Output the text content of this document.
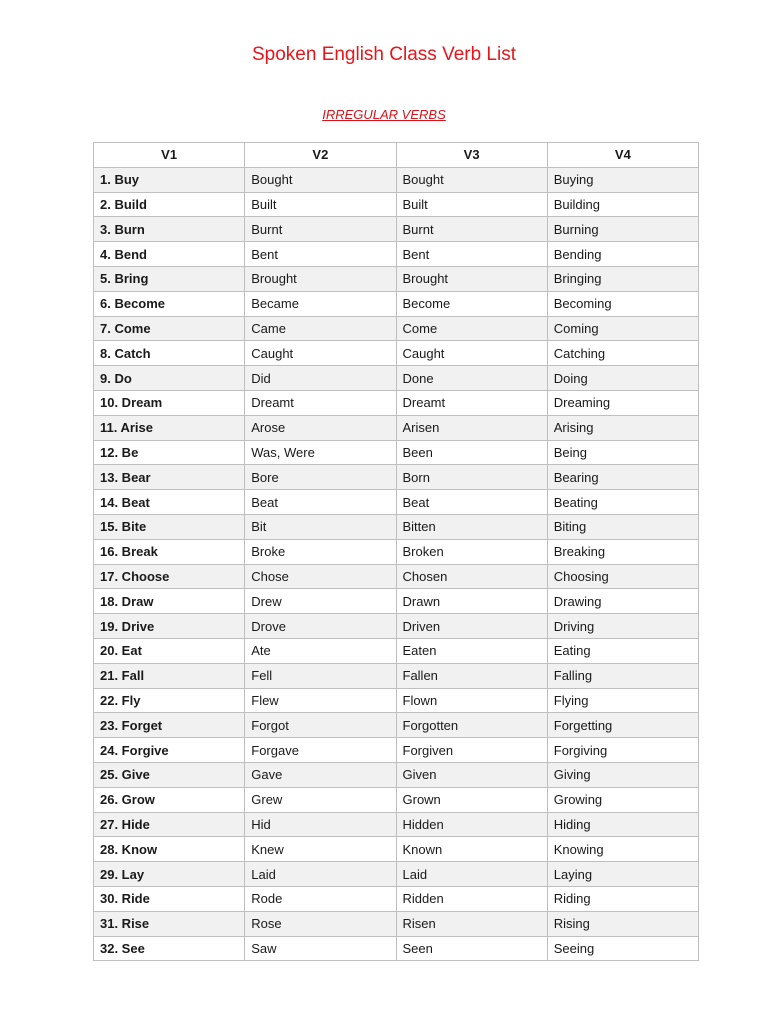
Spoken English Class Verb List
IRREGULAR VERBS
V1	V2	V3	V4
1. Buy	Bought	Bought	Buying
2. Build	Built	Built	Building
3. Burn	Burnt	Burnt	Burning
4. Bend	Bent	Bent	Bending
5. Bring	Brought	Brought	Bringing
6. Become	Became	Become	Becoming
7. Come	Came	Come	Coming
8. Catch	Caught	Caught	Catching
9. Do	Did	Done	Doing
10. Dream	Dreamt	Dreamt	Dreaming
11. Arise	Arose	Arisen	Arising
12. Be	Was, Were	Been	Being
13. Bear	Bore	Born	Bearing
14. Beat	Beat	Beat	Beating
15. Bite	Bit	Bitten	Biting
16. Break	Broke	Broken	Breaking
17. Choose	Chose	Chosen	Choosing
18. Draw	Drew	Drawn	Drawing
19. Drive	Drove	Driven	Driving
20. Eat	Ate	Eaten	Eating
21. Fall	Fell	Fallen	Falling
22. Fly	Flew	Flown	Flying
23. Forget	Forgot	Forgotten	Forgetting
24. Forgive	Forgave	Forgiven	Forgiving
25. Give	Gave	Given	Giving
26. Grow	Grew	Grown	Growing
27. Hide	Hid	Hidden	Hiding
28. Know	Knew	Known	Knowing
29. Lay	Laid	Laid	Laying
30. Ride	Rode	Ridden	Riding
31. Rise	Rose	Risen	Rising
32. See	Saw	Seen	Seeing
